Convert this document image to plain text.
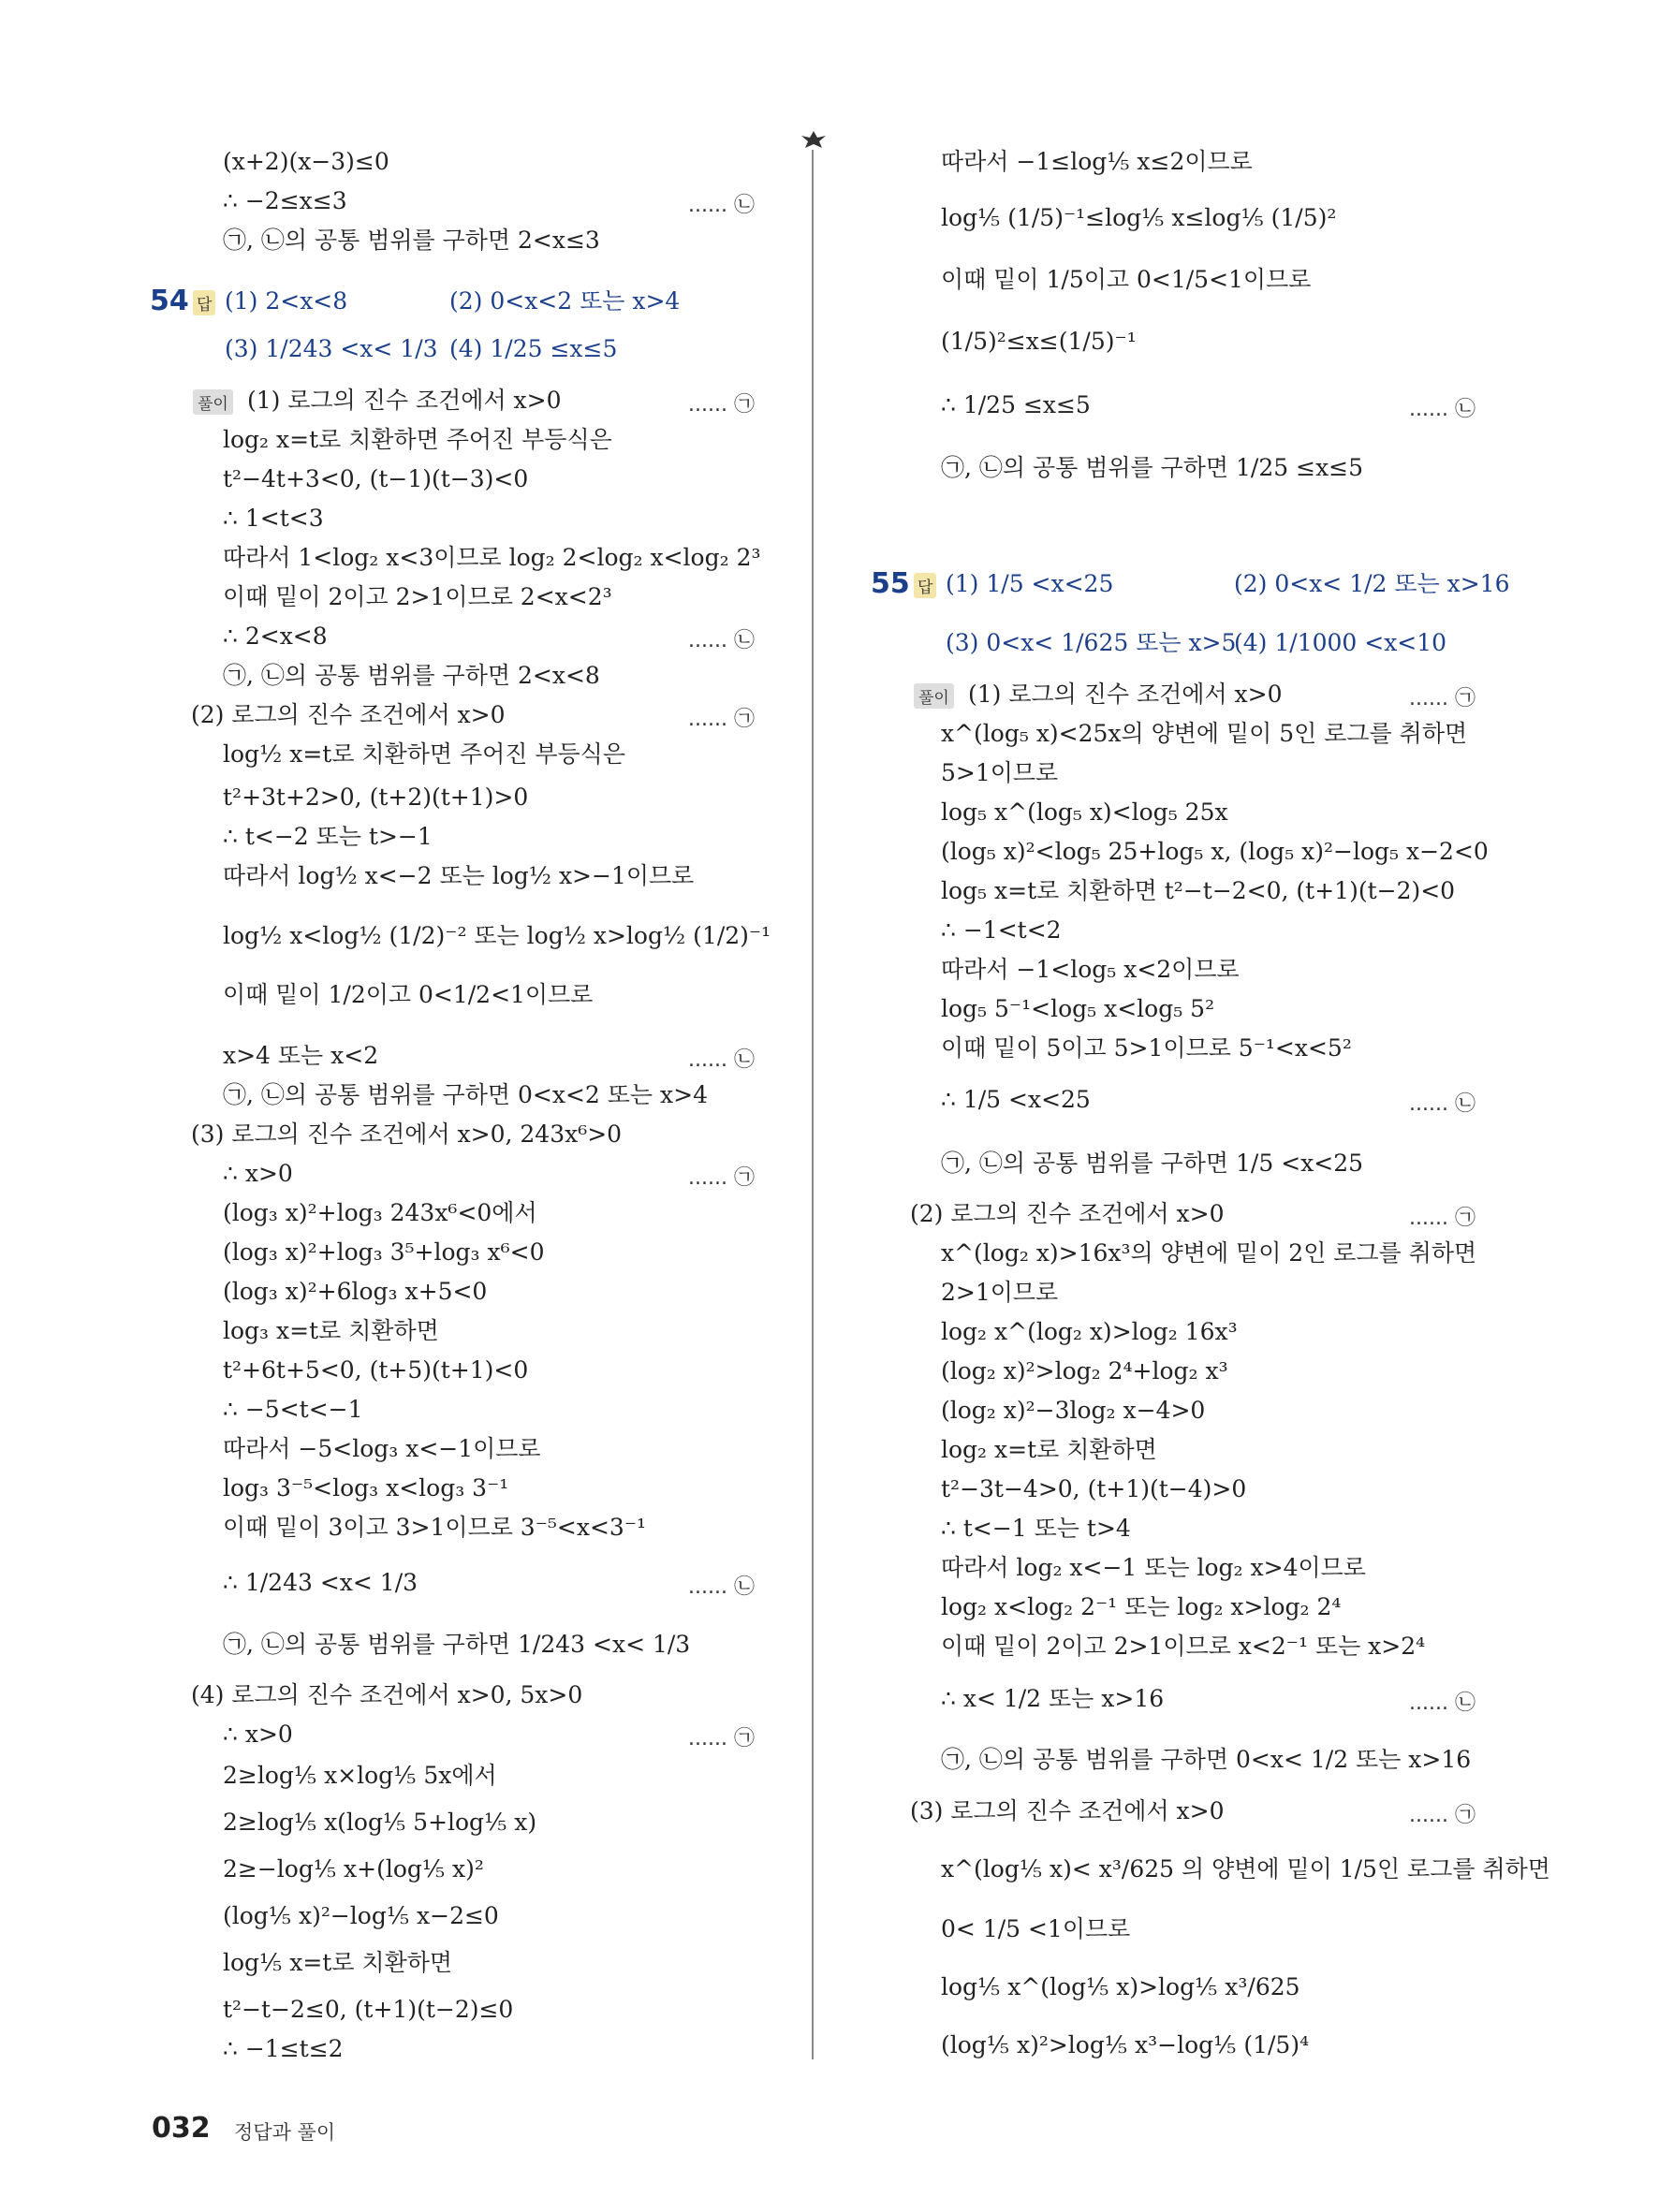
(x+2)(x−3)≤0
∴ −2≤x≤3	...... ㉡
㉠, ㉡의 공통 범위를 구하면 2<x≤3
54 답 (1) 2<x<8	(2) 0<x<2 또는 x>4
(3) 1/243 <x< 1/3 (4) 1/25 ≤x≤5
풀이 (1) 로그의 진수 조건에서 x>0	...... ㉠
log₂ x=t로 치환하면 주어진 부등식은
t²−4t+3<0, (t−1)(t−3)<0
∴ 1<t<3
따라서 1<log₂ x<3이므로 log₂ 2<log₂ x<log₂ 2³
이때 밑이 2이고 2>1이므로 2<x<2³
∴ 2<x<8	...... ㉡
㉠, ㉡의 공통 범위를 구하면 2<x<8
(2) 로그의 진수 조건에서 x>0	...... ㉠
log½ x=t로 치환하면 주어진 부등식은
t²+3t+2>0, (t+2)(t+1)>0
∴ t<−2 또는 t>−1
따라서 log½ x<−2 또는 log½ x>−1이므로
log½ x<log½ (1/2)⁻² 또는 log½ x>log½ (1/2)⁻¹
이때 밑이 1/2이고 0<1/2<1이므로
x>4 또는 x<2	...... ㉡
㉠, ㉡의 공통 범위를 구하면 0<x<2 또는 x>4
(3) 로그의 진수 조건에서 x>0, 243x⁶>0
∴ x>0	...... ㉠
(log₃ x)²+log₃ 243x⁶<0에서
(log₃ x)²+log₃ 3⁵+log₃ x⁶<0
(log₃ x)²+6log₃ x+5<0
log₃ x=t로 치환하면
t²+6t+5<0, (t+5)(t+1)<0
∴ −5<t<−1
따라서 −5<log₃ x<−1이므로
log₃ 3⁻⁵<log₃ x<log₃ 3⁻¹
이때 밑이 3이고 3>1이므로 3⁻⁵<x<3⁻¹
∴ 1/243 <x< 1/3	...... ㉡
㉠, ㉡의 공통 범위를 구하면 1/243 <x< 1/3
(4) 로그의 진수 조건에서 x>0, 5x>0
∴ x>0	...... ㉠
2≥log⅕ x×log⅕ 5x에서
2≥log⅕ x(log⅕ 5+log⅕ x)
2≥−log⅕ x+(log⅕ x)²
(log⅕ x)²−log⅕ x−2≤0
log⅕ x=t로 치환하면
t²−t−2≤0, (t+1)(t−2)≤0
∴ −1≤t≤2
따라서 −1≤log⅕ x≤2이므로
log⅕ (1/5)⁻¹≤log⅕ x≤log⅕ (1/5)²
이때 밑이 1/5이고 0<1/5<1이므로
(1/5)²≤x≤(1/5)⁻¹
∴ 1/25 ≤x≤5	...... ㉡
㉠, ㉡의 공통 범위를 구하면 1/25 ≤x≤5
55 답 (1) 1/5 <x<25	(2) 0<x< 1/2 또는 x>16
(3) 0<x< 1/625 또는 x>5
(4) 1/1000 <x<10
풀이 (1) 로그의 진수 조건에서 x>0	...... ㉠
x^(log₅ x)<25x의 양변에 밑이 5인 로그를 취하면
5>1이므로
log₅ x^(log₅ x)<log₅ 25x
(log₅ x)²<log₅ 25+log₅ x, (log₅ x)²−log₅ x−2<0
log₅ x=t로 치환하면 t²−t−2<0, (t+1)(t−2)<0
∴ −1<t<2
따라서 −1<log₅ x<2이므로
log₅ 5⁻¹<log₅ x<log₅ 5²
이때 밑이 5이고 5>1이므로 5⁻¹<x<5²
∴ 1/5 <x<25	...... ㉡
㉠, ㉡의 공통 범위를 구하면 1/5 <x<25
(2) 로그의 진수 조건에서 x>0	...... ㉠
x^(log₂ x)>16x³의 양변에 밑이 2인 로그를 취하면
2>1이므로
log₂ x^(log₂ x)>log₂ 16x³
(log₂ x)²>log₂ 2⁴+log₂ x³
(log₂ x)²−3log₂ x−4>0
log₂ x=t로 치환하면
t²−3t−4>0, (t+1)(t−4)>0
∴ t<−1 또는 t>4
따라서 log₂ x<−1 또는 log₂ x>4이므로
log₂ x<log₂ 2⁻¹ 또는 log₂ x>log₂ 2⁴
이때 밑이 2이고 2>1이므로 x<2⁻¹ 또는 x>2⁴
∴ x< 1/2 또는 x>16	...... ㉡
㉠, ㉡의 공통 범위를 구하면 0<x< 1/2 또는 x>16
(3) 로그의 진수 조건에서 x>0	...... ㉠
x^(log⅕ x)< x³/625 의 양변에 밑이 1/5인 로그를 취하면
0< 1/5 <1이므로
log⅕ x^(log⅕ x)>log⅕ x³/625
(log⅕ x)²>log⅕ x³−log⅕ (1/5)⁴
032 정답과 풀이
